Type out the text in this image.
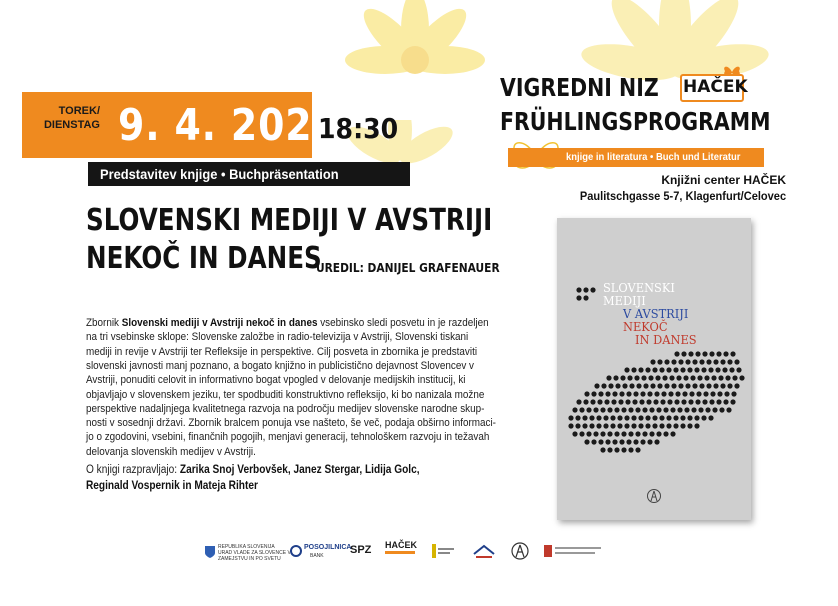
TOREK/
DIENSTAG 9. 4. 2024
18:30
Predstavitev knjige • Buchpräsentation
SLOVENSKI MEDIJI V AVSTRIJI
NEKOČ IN DANES
UREDIL: DANIJEL GRAFENAUER
Zbornik Slovenski mediji v Avstriji nekoč in danes vsebinsko sledi posvetu in je razdeljen
na tri vsebinske sklope: Slovenske založbe in radio-televizija v Avstriji, Slovenski tiskani
mediji in revije v Avstriji ter Refleksije in perspektive. Cilj posveta in zbornika je predstaviti
slovenski javnosti manj poznano, a bogato knjižno in publicistično dejavnost Slovencev v
Avstriji, ponuditi celovit in informativno bogat vpogled v delovanje medijskih institucij, ki
objavljajo v slovenskem jeziku, ter spodbuditi konstruktivno refleksijo, ki bo nanizala možne
perspektive nadaljnjega kvalitetnega razvoja na področju medijev slovenske narodne skup-
nosti v sosednji državi. Zbornik bralcem ponuja vse našteto, še več, podaja obširno informaci-
jo o zgodovini, vsebini, finančnih pogojih, menjavi generacij, tehnološkem razvoju in težavah
delovanja slovenskih medijev v Avstriji.
O knjigi razpravljajo: Zarika Snoj Verbovšek, Janez Stergar, Lidija Golc,
Reginald Vospernik in Mateja Rihter
VIGREDNI NIZ HAČEK
FRÜHLINGSPROGRAMM
knjige in literatura • Buch und Literatur
Knjižni center HAČEK
Paulitschgasse 5-7, Klagenfurt/Celovec
SLOVENSKI
MEDIJI
V AVSTRIJI
NEKOČ
IN DANES
REPUBLIKA SLOVENIJA
URAD VLADE ZA SLOVENCE V
ZAMEJSTVU IN PO SVETU
POSOJILNICA
BANK SPZ HAČEK
